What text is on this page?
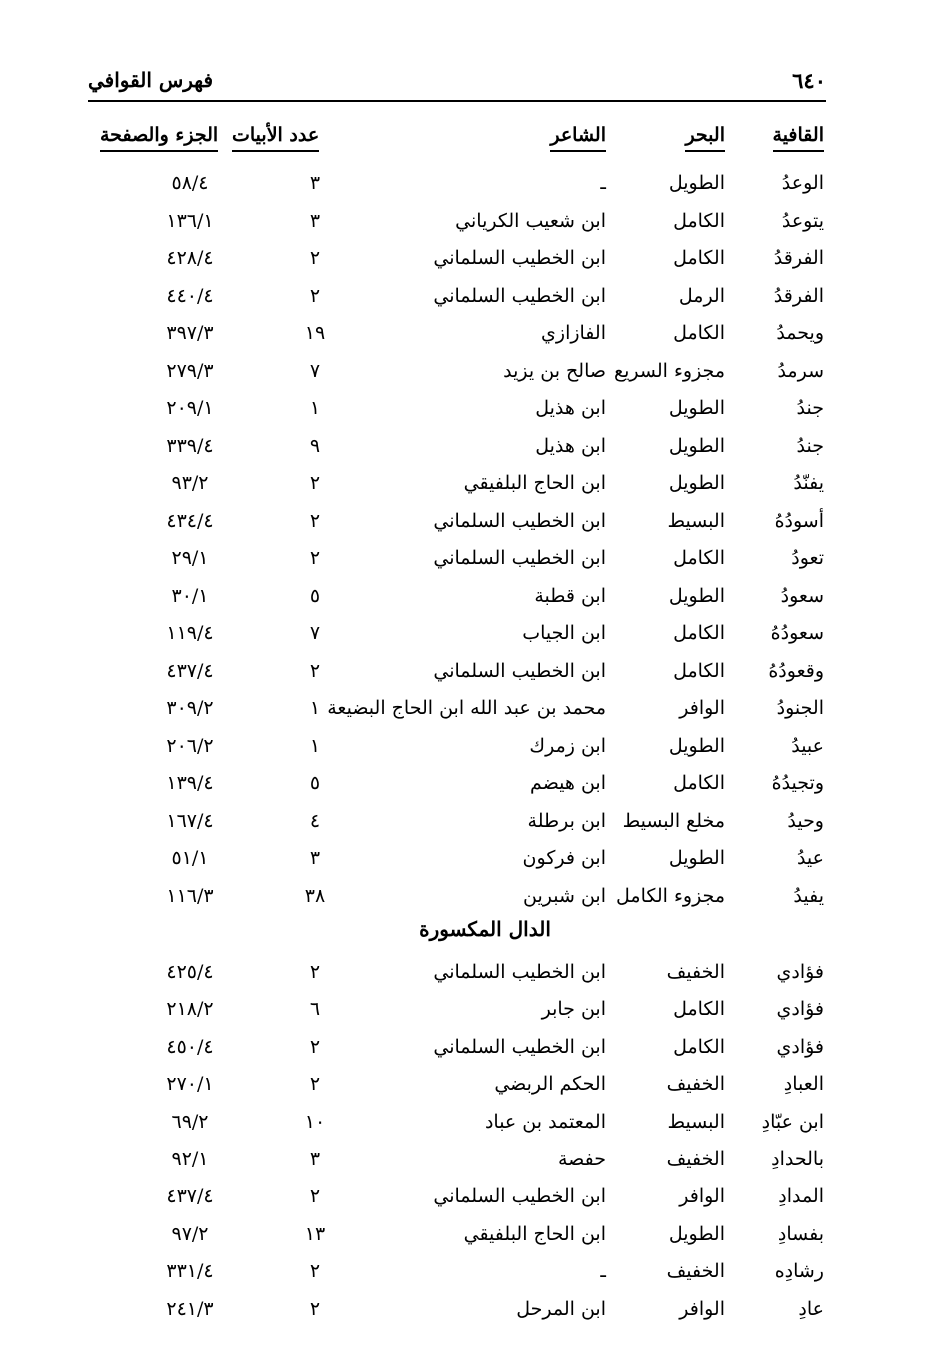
٦٤٠
فهرس القوافي
القافية
البحر
الشاعر
عدد الأبيات
الجزء والصفحة
الوعدُ
الطويل
ـ
٣
٥٨/٤
يتوعدُ
الكامل
ابن شعيب الكرياني
٣
١٣٦/١
الفرقدُ
الكامل
ابن الخطيب السلماني
٢
٤٢٨/٤
الفرقدُ
الرمل
ابن الخطيب السلماني
٢
٤٤٠/٤
ويحمدُ
الكامل
الفازازي
١٩
٣٩٧/٣
سرمدُ
مجزوء السريع
صالح بن يزيد
٧
٢٧٩/٣
جندُ
الطويل
ابن هذيل
١
٢٠٩/١
جندُ
الطويل
ابن هذيل
٩
٣٣٩/٤
يفنّدُ
الطويل
ابن الحاج البلفيقي
٢
٩٣/٢
أسودُهُ
البسيط
ابن الخطيب السلماني
٢
٤٣٤/٤
تعودُ
الكامل
ابن الخطيب السلماني
٢
٢٩/١
سعودُ
الطويل
ابن قطبة
٥
٣٠/١
سعودُهُ
الكامل
ابن الجياب
٧
١١٩/٤
وقعودُهُ
الكامل
ابن الخطيب السلماني
٢
٤٣٧/٤
الجنودُ
الوافر
محمد بن عبد الله ابن الحاج البضيعة
١
٣٠٩/٢
عبيدُ
الطويل
ابن زمرك
١
٢٠٦/٢
وتجيدُهُ
الكامل
ابن هيضم
٥
١٣٩/٤
وحيدُ
مخلع البسيط
ابن برطلة
٤
١٦٧/٤
عيدُ
الطويل
ابن فركون
٣
٥١/١
يفيدُ
مجزوء الكامل
ابن شبرين
٣٨
١١٦/٣
الدال المكسورة
فؤادي
الخفيف
ابن الخطيب السلماني
٢
٤٢٥/٤
فؤادي
الكامل
ابن جابر
٦
٢١٨/٢
فؤادي
الكامل
ابن الخطيب السلماني
٢
٤٥٠/٤
العبادِ
الخفيف
الحكم الربضي
٢
٢٧٠/١
ابن عبّادِ
البسيط
المعتمد بن عباد
١٠
٦٩/٢
بالحدادِ
الخفيف
حفصة
٣
٩٢/١
المدادِ
الوافر
ابن الخطيب السلماني
٢
٤٣٧/٤
بفسادِ
الطويل
ابن الحاج البلفيقي
١٣
٩٧/٢
رشادِه
الخفيف
ـ
٢
٣٣١/٤
عادِ
الوافر
ابن المرحل
٢
٢٤١/٣
